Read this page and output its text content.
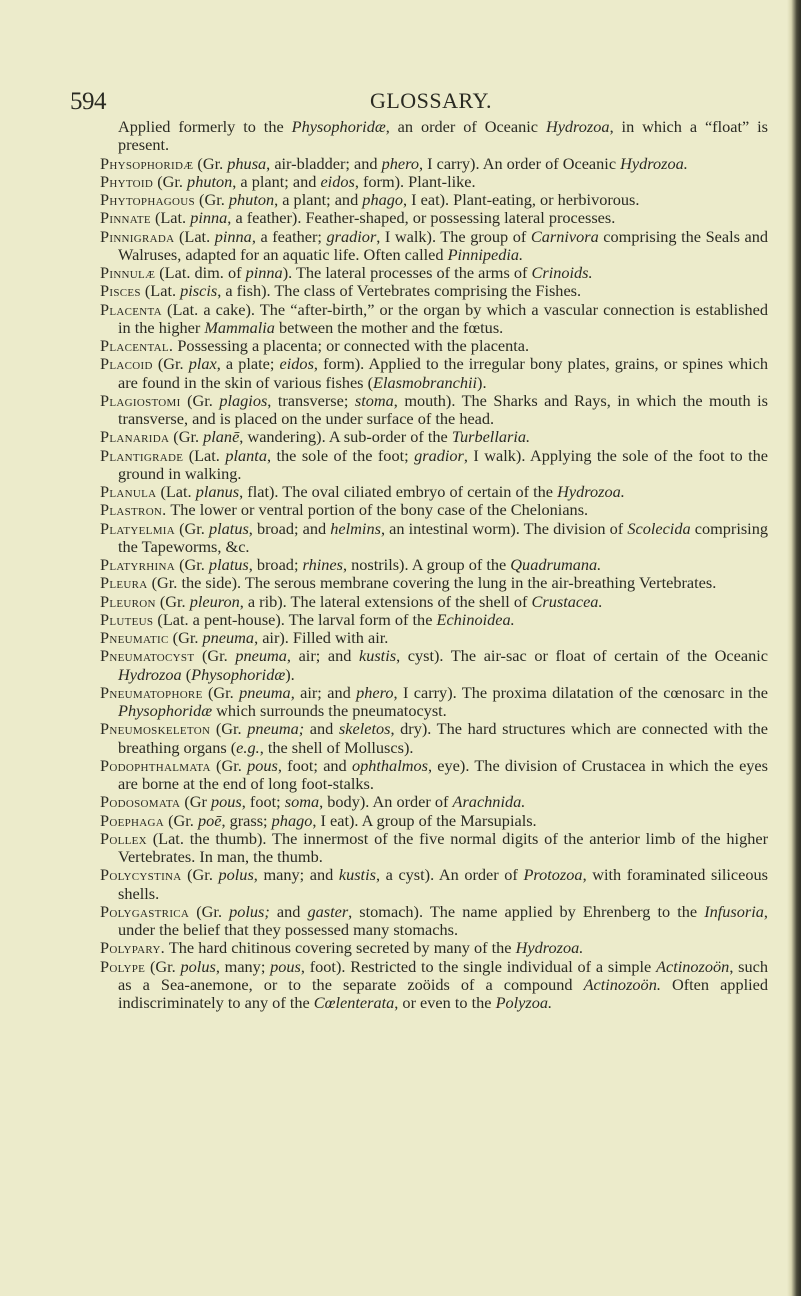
594	GLOSSARY.
Applied formerly to the Physophoridæ, an order of Oceanic Hydrozoa, in which a “float” is present.
Physophoridæ (Gr. phusa, air-bladder; and phero, I carry). An order of Oceanic Hydrozoa.
Phytoid (Gr. phuton, a plant; and eidos, form). Plant-like.
Phytophagous (Gr. phuton, a plant; and phago, I eat). Plant-eating, or herbivorous.
Pinnate (Lat. pinna, a feather). Feather-shaped, or possessing lateral processes.
Pinnigrada (Lat. pinna, a feather; gradior, I walk). The group of Carnivora comprising the Seals and Walruses, adapted for an aquatic life. Often called Pinnipedia.
Pinnulæ (Lat. dim. of pinna). The lateral processes of the arms of Crinoids.
Pisces (Lat. piscis, a fish). The class of Vertebrates comprising the Fishes.
Placenta (Lat. a cake). The “after-birth,” or the organ by which a vascular connection is established in the higher Mammalia between the mother and the fœtus.
Placental. Possessing a placenta; or connected with the placenta.
Placoid (Gr. plax, a plate; eidos, form). Applied to the irregular bony plates, grains, or spines which are found in the skin of various fishes (Elasmobranchii).
Plagiostomi (Gr. plagios, transverse; stoma, mouth). The Sharks and Rays, in which the mouth is transverse, and is placed on the under surface of the head.
Planarida (Gr. planē, wandering). A sub-order of the Turbellaria.
Plantigrade (Lat. planta, the sole of the foot; gradior, I walk). Applying the sole of the foot to the ground in walking.
Planula (Lat. planus, flat). The oval ciliated embryo of certain of the Hydrozoa.
Plastron. The lower or ventral portion of the bony case of the Chelonians.
Platyelmia (Gr. platus, broad; and helmins, an intestinal worm). The division of Scolecida comprising the Tapeworms, &c.
Platyrhina (Gr. platus, broad; rhines, nostrils). A group of the Quadrumana.
Pleura (Gr. the side). The serous membrane covering the lung in the air-breathing Vertebrates.
Pleuron (Gr. pleuron, a rib). The lateral extensions of the shell of Crustacea.
Pluteus (Lat. a pent-house). The larval form of the Echinoidea.
Pneumatic (Gr. pneuma, air). Filled with air.
Pneumatocyst (Gr. pneuma, air; and kustis, cyst). The air-sac or float of certain of the Oceanic Hydrozoa (Physophoridæ).
Pneumatophore (Gr. pneuma, air; and phero, I carry). The proxima dilatation of the cœnosarc in the Physophoridæ which surrounds the pneumatocyst.
Pneumoskeleton (Gr. pneuma; and skeletos, dry). The hard structures which are connected with the breathing organs (e.g., the shell of Molluscs).
Podophthalmata (Gr. pous, foot; and ophthalmos, eye). The division of Crustacea in which the eyes are borne at the end of long foot-stalks.
Podosomata (Gr pous, foot; soma, body). An order of Arachnida.
Poephaga (Gr. poē, grass; phago, I eat). A group of the Marsupials.
Pollex (Lat. the thumb). The innermost of the five normal digits of the anterior limb of the higher Vertebrates. In man, the thumb.
Polycystina (Gr. polus, many; and kustis, a cyst). An order of Protozoa, with foraminated siliceous shells.
Polygastrica (Gr. polus; and gaster, stomach). The name applied by Ehrenberg to the Infusoria, under the belief that they possessed many stomachs.
Polypary. The hard chitinous covering secreted by many of the Hydrozoa.
Polype (Gr. polus, many; pous, foot). Restricted to the single individual of a simple Actinozoön, such as a Sea-anemone, or to the separate zoöids of a compound Actinozoön. Often applied indiscriminately to any of the Cœlenterata, or even to the Polyzoa.
